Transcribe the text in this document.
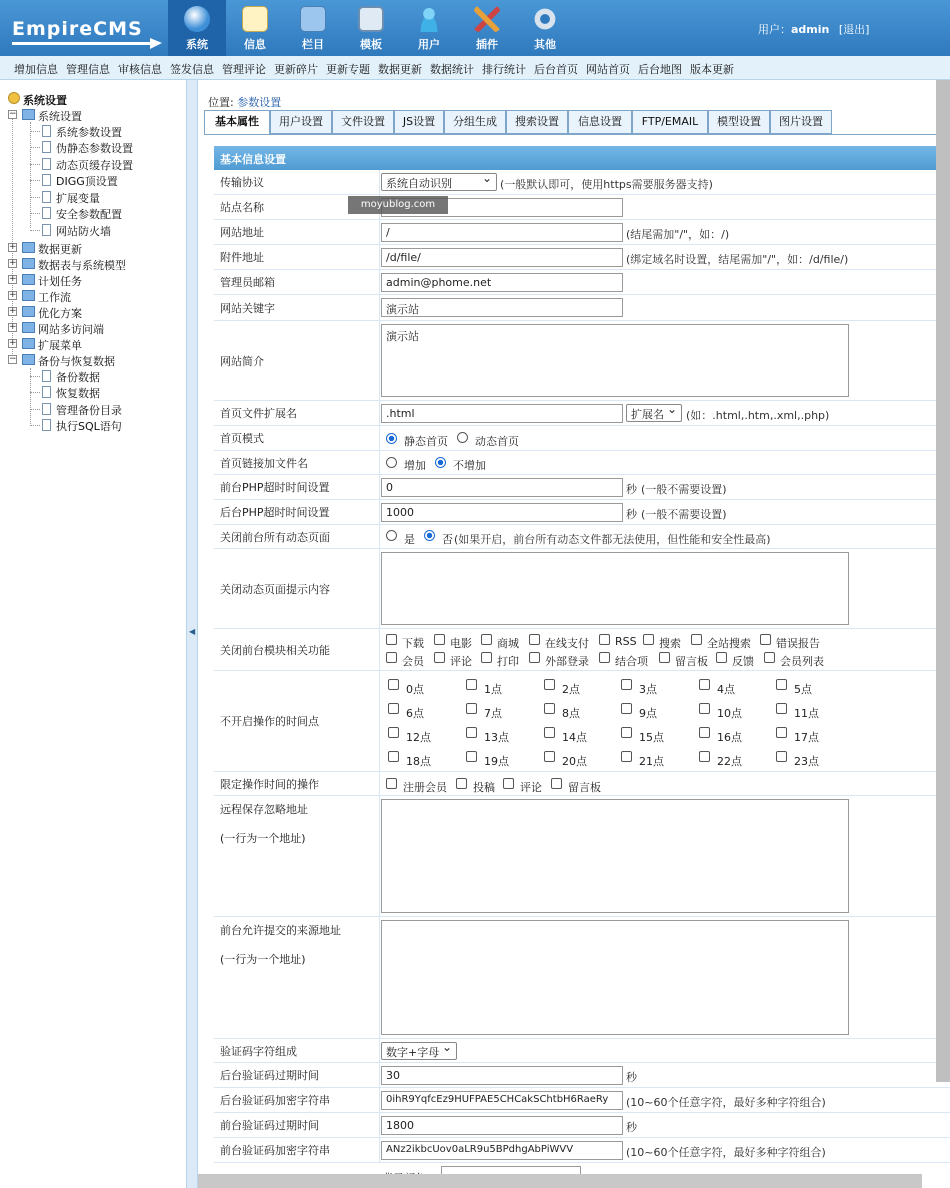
EmpireCMS
系统	信息	栏目	模板	用户	插件	其他
用户：admin [退出]
增加信息 管理信息 审核信息 签发信息 管理评论 更新碎片 更新专题 数据更新 数据统计 排行统计 后台首页 网站首页 后台地图 版本更新
系统设置
− 系统设置
系统参数设置
伪静态参数设置
动态页缓存设置
DIGG顶设置
扩展变量
安全参数配置
网站防火墙
+ 数据更新
+ 数据表与系统模型
+ 计划任务
+ 工作流
+ 优化方案
+ 网站多访问端
+ 扩展菜单
− 备份与恢复数据
备份数据
恢复数据
管理备份目录
执行SQL语句
◀
位置: 参数设置
基本属性	用户设置	文件设置	JS设置	分组生成	搜索设置	信息设置	FTP/EMAIL	模型设置	图片设置
基本信息设置
传输协议	系统自动识别 ⌄	(一般默认即可，使用https需要服务器支持)
站点名称
网站地址	/	(结尾需加"/"，如：/)
附件地址	/d/file/	(绑定域名时设置，结尾需加"/"，如：/d/file/)
管理员邮箱	admin@phome.net
网站关键字	演示站
网站简介
演示站
首页文件扩展名	.html	扩展名 ⌄	(如：.html,.htm,.xml,.php)
首页模式	静态首页 动态首页
首页链接加文件名	增加 不增加
前台PHP超时时间设置	0	秒 (一般不需要设置)
后台PHP超时时间设置	1000	秒 (一般不需要设置)
关闭前台所有动态页面	是 否 (如果开启，前台所有动态文件都无法使用，但性能和安全性最高)
关闭动态页面提示内容
关闭前台模块相关功能	下载 电影 商城 在线支付 RSS 搜索 全站搜索 错误报告
会员 评论 打印 外部登录 结合项 留言板 反馈 会员列表
不开启操作的时间点
0点	1点	2点	3点	4点	5点
6点	7点	8点	9点	10点	11点
12点	13点	14点	15点	16点	17点
18点	19点	20点	21点	22点	23点
限定操作时间的操作	注册会员 投稿 评论 留言板
远程保存忽略地址

(一行为一个地址)
前台允许提交的来源地址

(一行为一个地址)
验证码字符组成	数字+字母 ⌄
后台验证码过期时间	30	秒
后台验证码加密字符串	0ihR9YqfcEz9HUFPAE5CHCakSChtbH6RaeRy	(10~60个任意字符，最好多种字符组合)
前台验证码过期时间	1800	秒
前台验证码加密字符串	ANz2ikbcUov0aLR9u5BPdhgAbPiWVV	(10~60个任意字符，最好多种字符组合)
moyublog.com
